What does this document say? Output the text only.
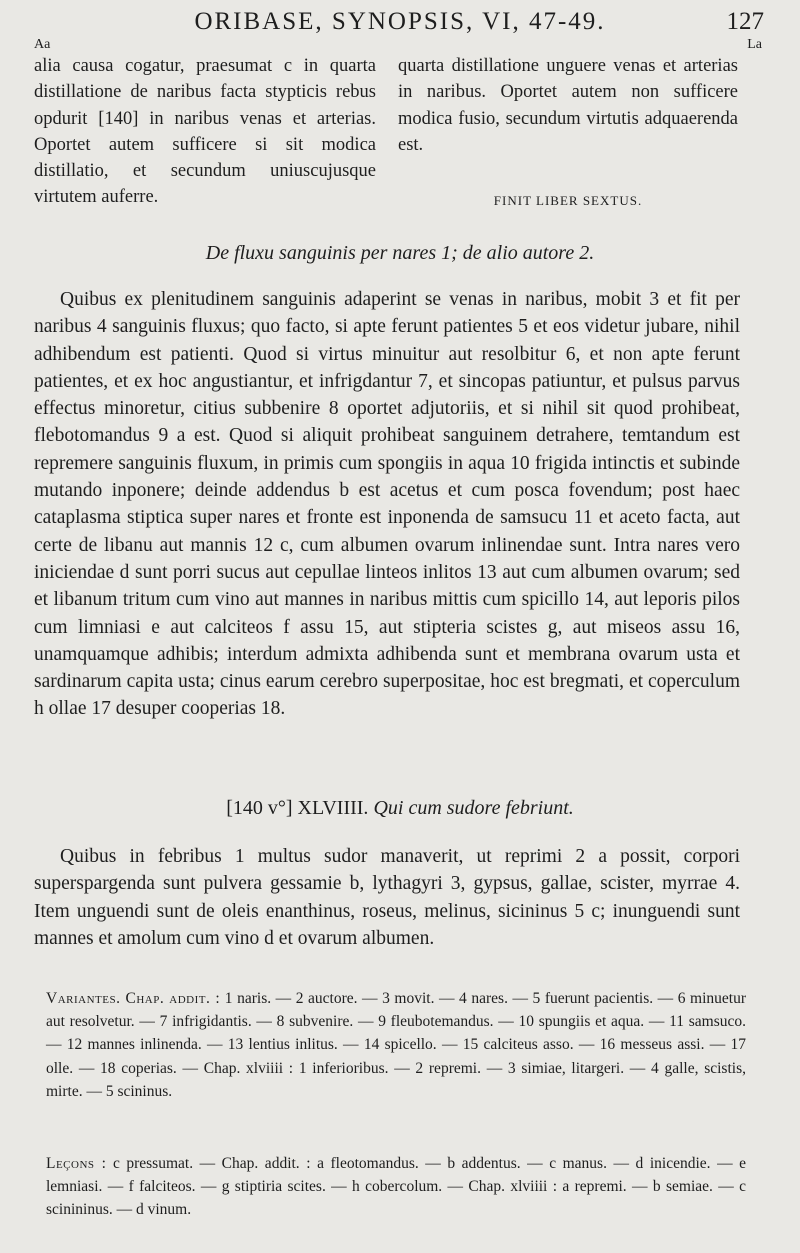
ORIBASE, SYNOPSIS, VI, 47-49.	127
Aa	La
alia causa cogatur, praesumat c in quarta distillatione de naribus facta stypticis rebus opdurit [140] in naribus venas et arterias. Oportet autem sufficere si sit modica distillatio, et secundum uniuscujusque virtutem auferre.
quarta distillatione unguere venas et arterias in naribus. Oportet autem non sufficere modica fusio, secundum virtutis adquaerenda est.
FINIT LIBER SEXTUS.
De fluxu sanguinis per nares 1; de alio autore 2.
Quibus ex plenitudinem sanguinis adaperint se venas in naribus, mobit 3 et fit per naribus 4 sanguinis fluxus; quo facto, si apte ferunt patientes 5 et eos videtur jubare, nihil adhibendum est patienti. Quod si virtus minuitur aut resolbitur 6, et non apte ferunt patientes, et ex hoc angustiantur, et infrigdantur 7, et sincopas patiuntur, et pulsus parvus effectus minoretur, citius subbenire 8 oportet adjutoriis, et si nihil sit quod prohibeat, flebotomandus 9 a est. Quod si aliquit prohibeat sanguinem detrahere, temtandum est repremere sanguinis fluxum, in primis cum spongiis in aqua 10 frigida intinctis et subinde mutando inponere; deinde addendus b est acetus et cum posca fovendum; post haec cataplasma stiptica super nares et fronte est inponenda de samsucu 11 et aceto facta, aut certe de libanu aut mannis 12 c, cum albumen ovarum inlinendae sunt. Intra nares vero iniciendae d sunt porri sucus aut cepullae linteos inlitos 13 aut cum albumen ovarum; sed et libanum tritum cum vino aut mannes in naribus mittis cum spicillo 14, aut leporis pilos cum limniasi e aut calciteos f assu 15, aut stipteria scistes g, aut miseos assu 16, unamquamque adhibis; interdum admixta adhibenda sunt et membrana ovarum usta et sardinarum capita usta; cinus earum cerebro superpositae, hoc est bregmati, et coperculum h ollae 17 desuper cooperias 18.
[140 v°] XLVIIII. Qui cum sudore febriunt.
Quibus in febribus 1 multus sudor manaverit, ut reprimi 2 a possit, corpori superspargenda sunt pulvera gessamie b, lythagyri 3, gypsus, gallae, scister, myrrae 4. Item unguendi sunt de oleis enanthinus, roseus, melinus, sicininus 5 c; inunguendi sunt mannes et amolum cum vino d et ovarum albumen.
Variantes. Chap. addit. : 1 naris. — 2 auctore. — 3 movit. — 4 nares. — 5 fuerunt pacientis. — 6 minuetur aut resolvetur. — 7 infrigidantis. — 8 subvenire. — 9 fleubotemandus. — 10 spungiis et aqua. — 11 samsuco. — 12 mannes inlinenda. — 13 lentius inlitus. — 14 spicello. — 15 calciteus asso. — 16 messeus assi. — 17 olle. — 18 coperias. — Chap. xlviiii : 1 inferioribus. — 2 repremi. — 3 simiae, litargeri. — 4 galle, scistis, mirte. — 5 scininus.
Leçons : c pressumat. — Chap. addit. : a fleotomandus. — b addentus. — c manus. — d inicendie. — e lemniasi. — f falciteos. — g stiptiria scites. — h cobercolum. — Chap. xlviiii : a repremi. — b semiae. — c scinininus. — d vinum.
